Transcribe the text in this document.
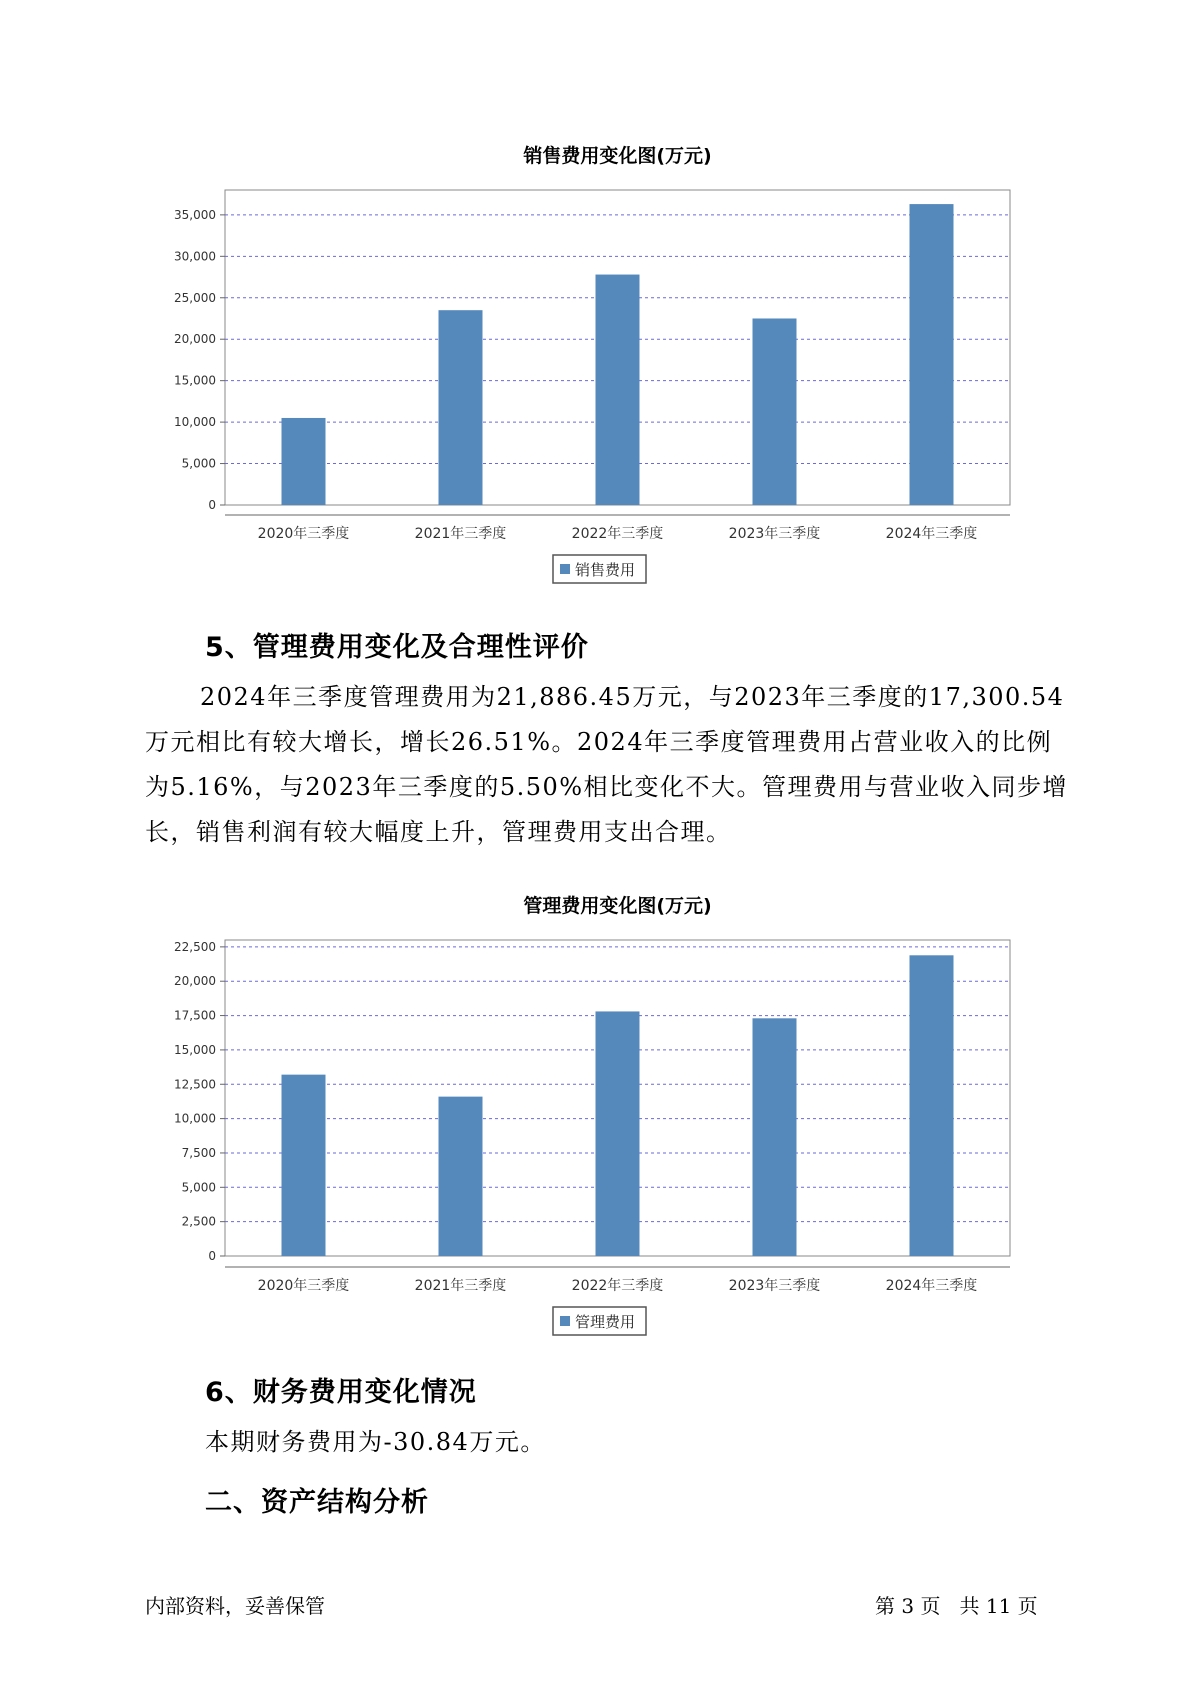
销售费用变化图(万元)
0
5,000
10,000
15,000
20,000
25,000
30,000
35,000
2020年三季度	2021年三季度	2022年三季度	2023年三季度	2024年三季度
销售费用
5、管理费用变化及合理性评价

2024年三季度管理费用为21,886.45万元，与2023年三季度的17,300.54万元相比有较大增长，增长26.51%。2024年三季度管理费用占营业收入的比例为5.16%，与2023年三季度的5.50%相比变化不大。管理费用与营业收入同步增长，销售利润有较大幅度上升，管理费用支出合理。

管理费用变化图(万元)
0
2,500
5,000
7,500
10,000
12,500
15,000
17,500
20,000
22,500
2020年三季度	2021年三季度	2022年三季度	2023年三季度	2024年三季度
管理费用
6、财务费用变化情况

本期财务费用为-30.84万元。

二、资产结构分析
内部资料，妥善保管	第 3 页   共 11 页
